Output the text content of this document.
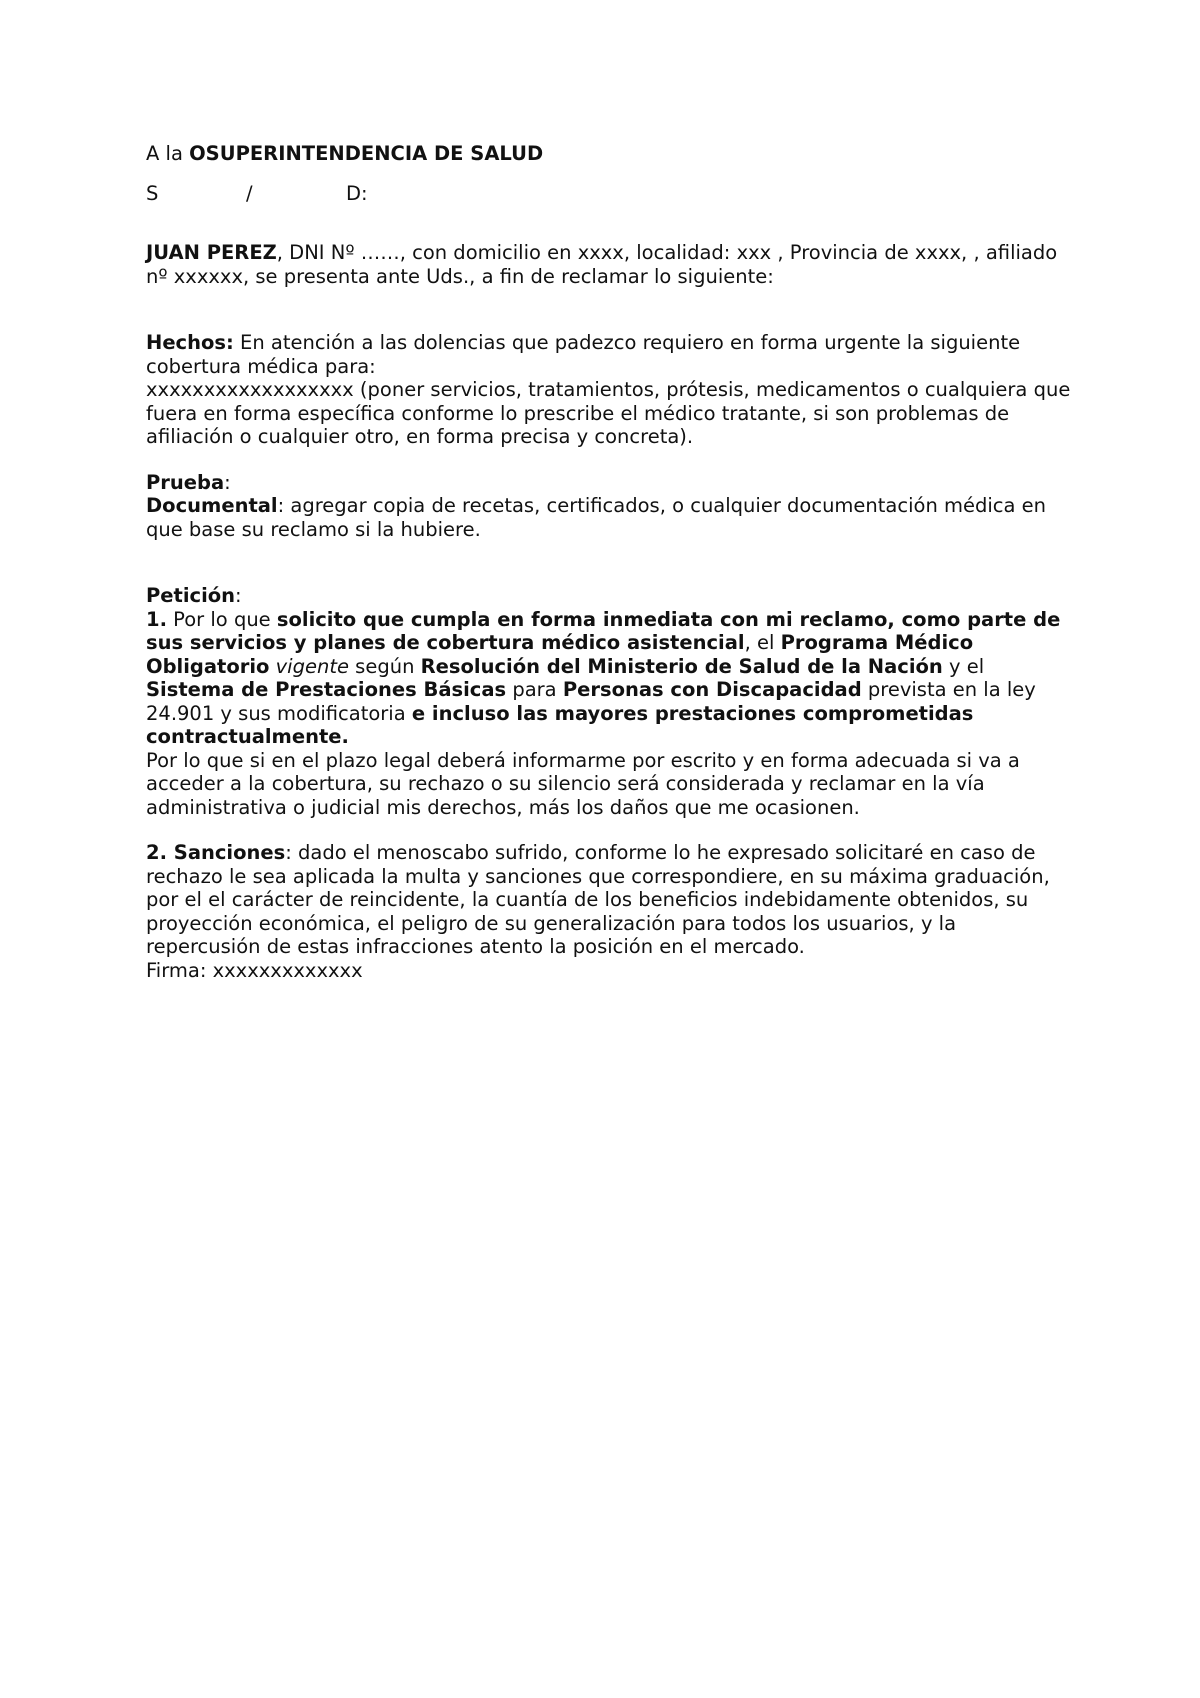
A la OSUPERINTENDENCIA DE SALUD

S	/	D:

JUAN PEREZ, DNI Nº ……, con domicilio en xxxx, localidad: xxx , Provincia de xxxx, , afiliado nº xxxxxx, se presenta ante Uds., a fin de reclamar lo siguiente:

Hechos: En atención a las dolencias que padezco requiero en forma urgente la siguiente cobertura médica para:

xxxxxxxxxxxxxxxxxx (poner servicios, tratamientos, prótesis, medicamentos o cualquiera que fuera en forma específica conforme lo prescribe el médico tratante, si son problemas de afiliación o cualquier otro, en forma precisa y concreta).

Prueba:

Documental: agregar copia de recetas, certificados, o cualquier documentación médica en que base su reclamo si la hubiere.

Petición:

1. Por lo que solicito que cumpla en forma inmediata con mi reclamo, como parte de sus servicios y planes de cobertura médico asistencial, el Programa Médico Obligatorio vigente según Resolución del Ministerio de Salud de la Nación y el Sistema de Prestaciones Básicas para Personas con Discapacidad prevista en la ley 24.901 y sus modificatoria e incluso las mayores prestaciones comprometidas contractualmente.

Por lo que si en el plazo legal deberá informarme por escrito y en forma adecuada si va a acceder a la cobertura, su rechazo o su silencio será considerada y reclamar en la vía administrativa o judicial mis derechos, más los daños que me ocasionen.

2. Sanciones: dado el menoscabo sufrido, conforme lo he expresado solicitaré en caso de rechazo le sea aplicada la multa y sanciones que correspondiere, en su máxima graduación, por el el carácter de reincidente, la cuantía de los beneficios indebidamente obtenidos, su proyección económica, el peligro de su generalización para todos los usuarios, y la repercusión de estas infracciones atento la posición en el mercado.

Firma: xxxxxxxxxxxxx
